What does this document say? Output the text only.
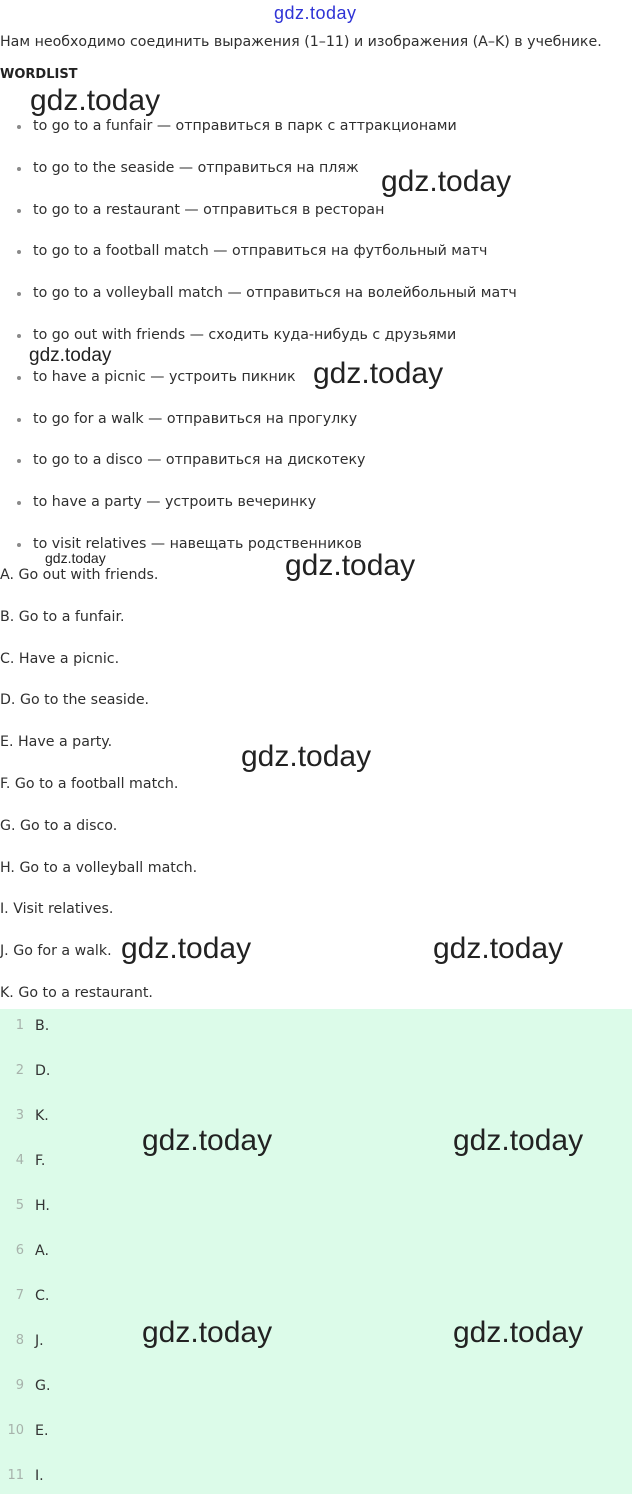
gdz.today
Нам необходимо соединить выражения (1–11) и изображения (A–K) в учебнике.
WORDLIST
to go to a funfair — отправиться в парк с аттракционами
to go to the seaside — отправиться на пляж
to go to a restaurant — отправиться в ресторан
to go to a football match — отправиться на футбольный матч
to go to a volleyball match — отправиться на волейбольный матч
to go out with friends — сходить куда-нибудь с друзьями
to have a picnic — устроить пикник
to go for a walk — отправиться на прогулку
to go to a disco — отправиться на дискотеку
to have a party — устроить вечеринку
to visit relatives — навещать родственников
A. Go out with friends.
B. Go to a funfair.
C. Have a picnic.
D. Go to the seaside.
E. Have a party.
F. Go to a football match.
G. Go to a disco.
H. Go to a volleyball match.
I. Visit relatives.
J. Go for a walk.
K. Go to a restaurant.
1 B.
2 D.
3 K.
4 F.
5 H.
6 A.
7 C.
8 J.
9 G.
10 E.
11 I.
gdz.today
gdz.today
gdz.today
gdz.today
gdz.today	gdz.today
gdz.today
gdz.today	gdz.today
gdz.today	gdz.today
gdz.today	gdz.today
